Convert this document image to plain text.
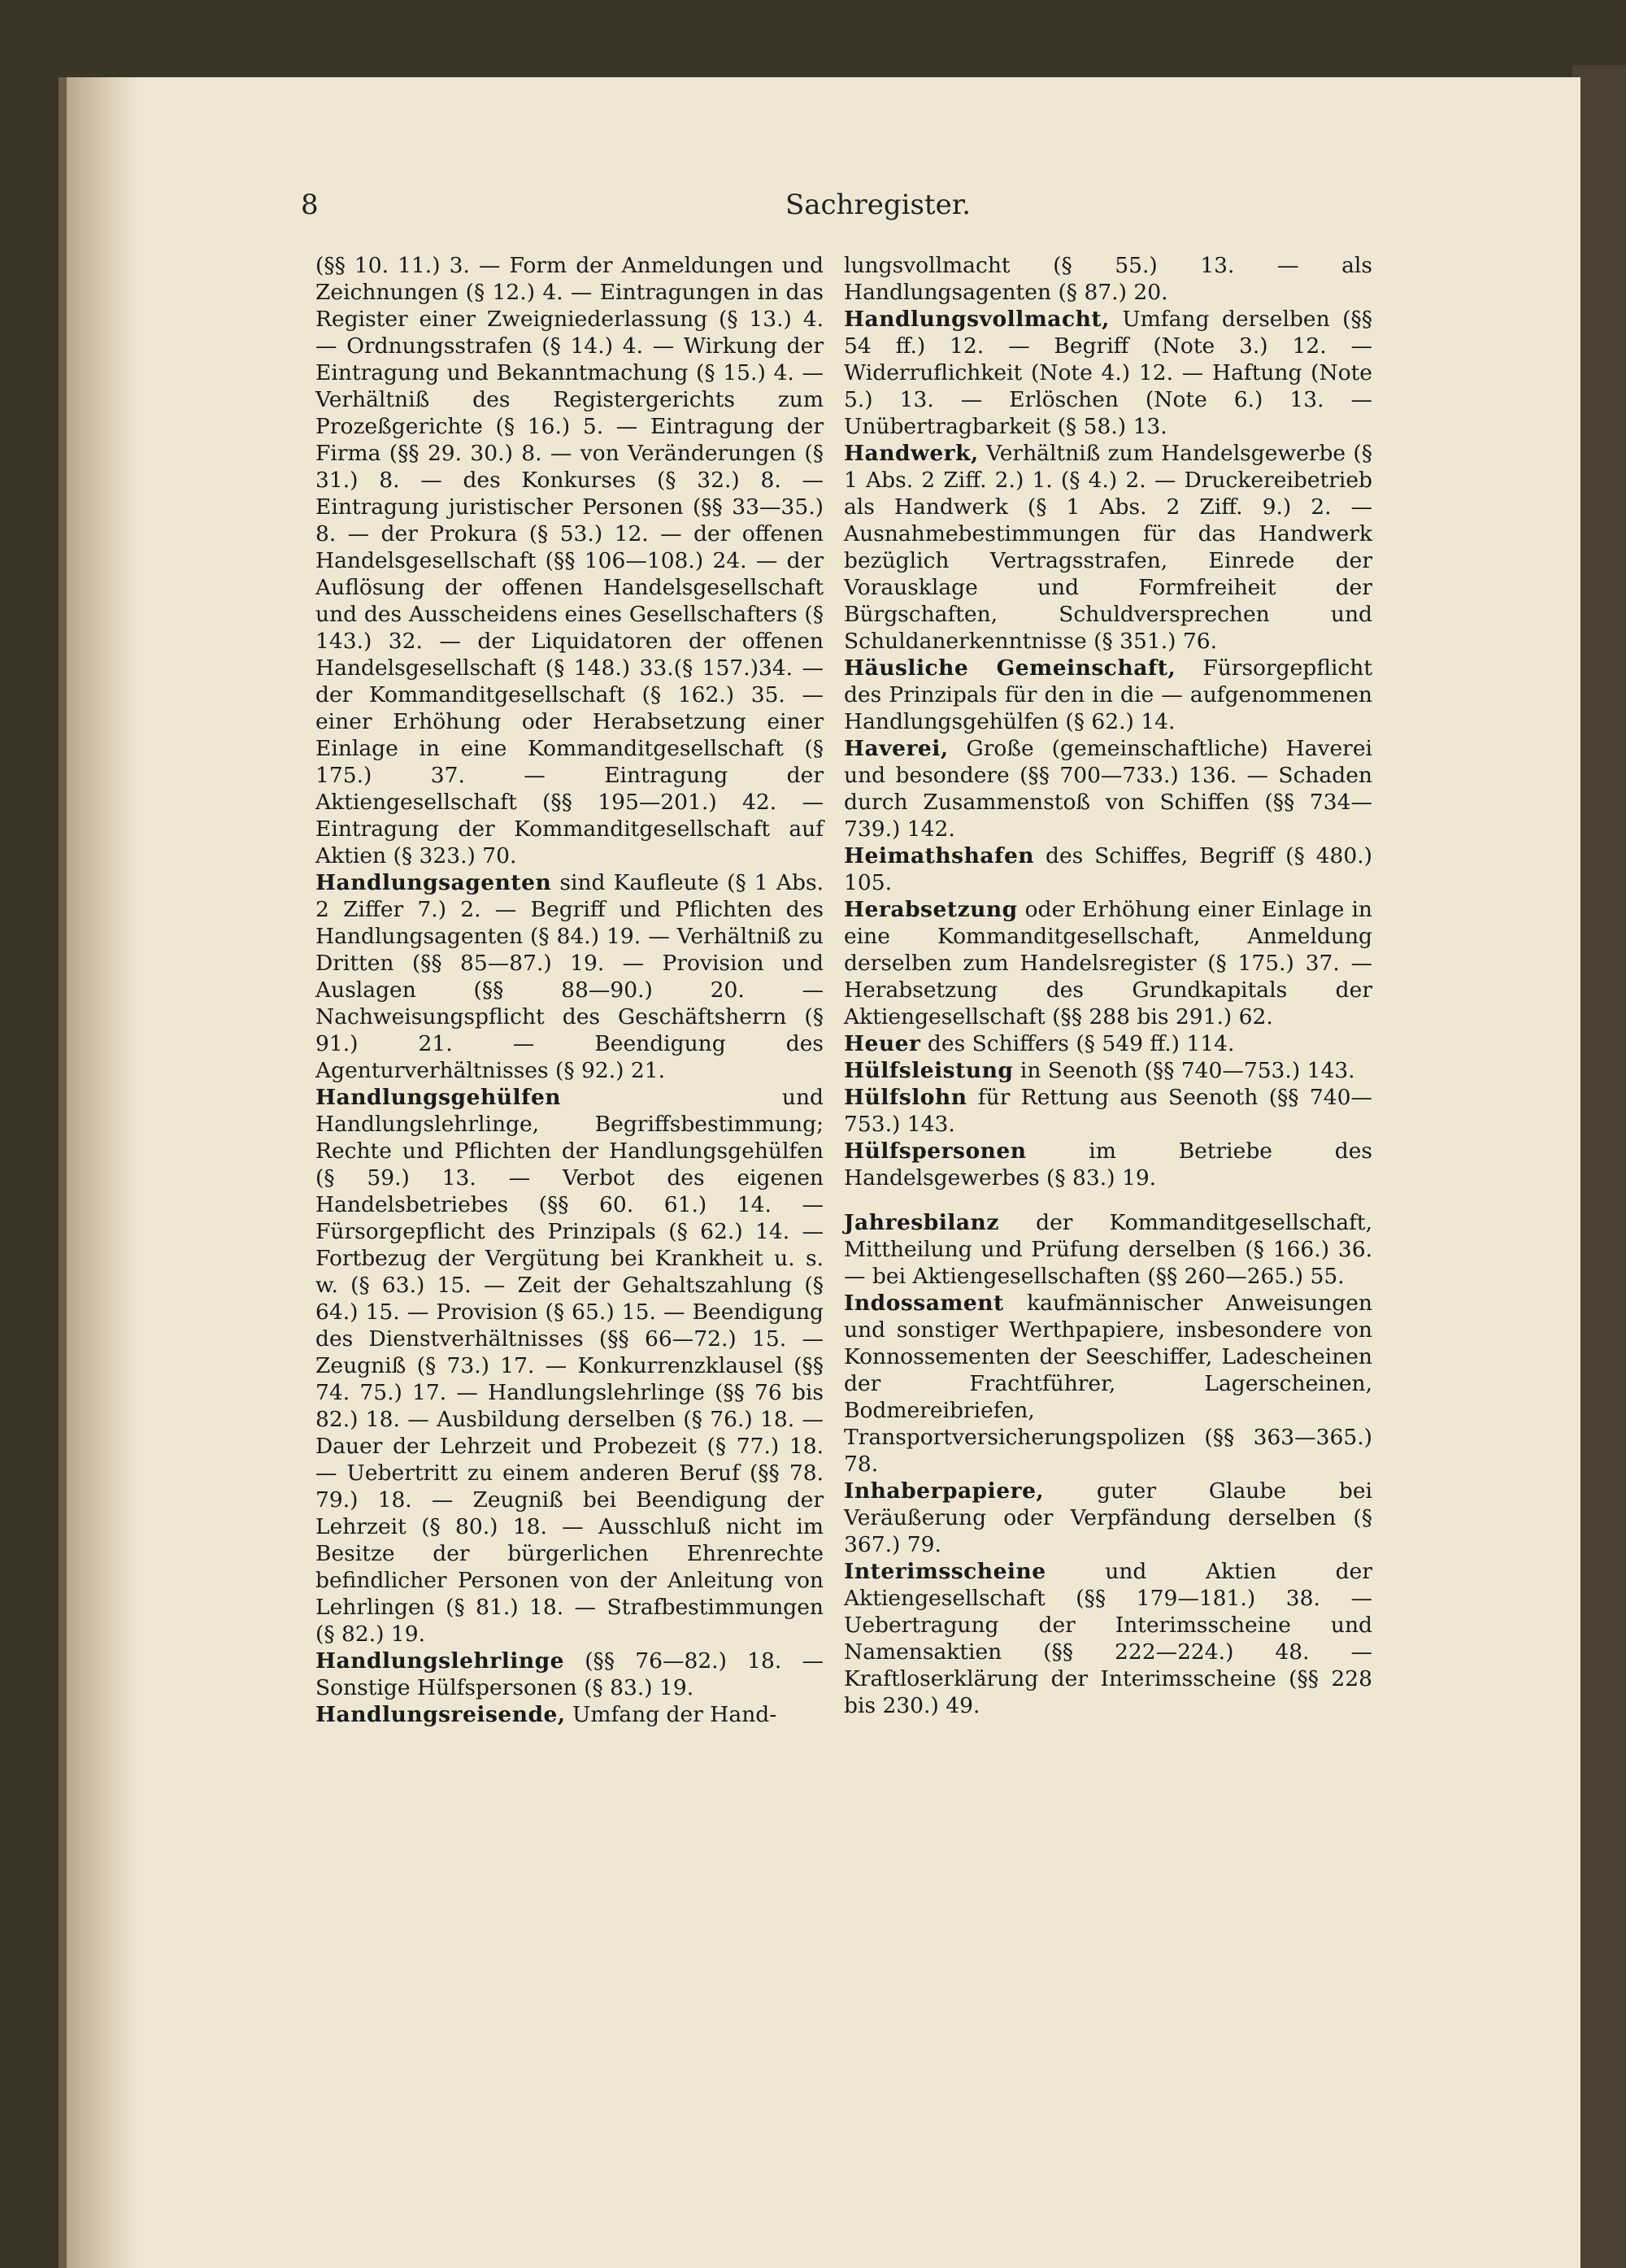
8	Sachregister.

(§§ 10. 11.) 3. — Form der Anmeldungen und Zeichnungen (§ 12.) 4. — Eintragungen in das Register einer Zweigniederlassung (§ 13.) 4. — Ordnungsstrafen (§ 14.) 4. — Wirkung der Eintragung und Bekanntmachung (§ 15.) 4. — Verhältniß des Registergerichts zum Prozeßgerichte (§ 16.) 5. — Eintragung der Firma (§§ 29. 30.) 8. — von Veränderungen (§ 31.) 8. — des Konkurses (§ 32.) 8. — Eintragung juristischer Personen (§§ 33—35.) 8. — der Prokura (§ 53.) 12. — der offenen Handelsgesellschaft (§§ 106—108.) 24. — der Auflösung der offenen Handelsgesellschaft und des Ausscheidens eines Gesellschafters (§ 143.) 32. — der Liquidatoren der offenen Handelsgesellschaft (§ 148.) 33.(§ 157.)34. — der Kommanditgesellschaft (§ 162.) 35. — einer Erhöhung oder Herabsetzung einer Einlage in eine Kommanditgesellschaft (§ 175.) 37. — Eintragung der Aktiengesellschaft (§§ 195—201.) 42. — Eintragung der Kommanditgesellschaft auf Aktien (§ 323.) 70.

Handlungsagenten sind Kaufleute (§ 1 Abs. 2 Ziffer 7.) 2. — Begriff und Pflichten des Handlungsagenten (§ 84.) 19. — Verhältniß zu Dritten (§§ 85—87.) 19. — Provision und Auslagen (§§ 88—90.) 20. — Nachweisungspflicht des Geschäftsherrn (§ 91.) 21. — Beendigung des Agenturverhältnisses (§ 92.) 21.

Handlungsgehülfen und Handlungslehrlinge, Begriffsbestimmung; Rechte und Pflichten der Handlungsgehülfen (§ 59.) 13. — Verbot des eigenen Handelsbetriebes (§§ 60. 61.) 14. — Fürsorgepflicht des Prinzipals (§ 62.) 14. — Fortbezug der Vergütung bei Krankheit u. s. w. (§ 63.) 15. — Zeit der Gehaltszahlung (§ 64.) 15. — Provision (§ 65.) 15. — Beendigung des Dienstverhältnisses (§§ 66—72.) 15. — Zeugniß (§ 73.) 17. — Konkurrenzklausel (§§ 74. 75.) 17. — Handlungslehrlinge (§§ 76 bis 82.) 18. — Ausbildung derselben (§ 76.) 18. — Dauer der Lehrzeit und Probezeit (§ 77.) 18. — Uebertritt zu einem anderen Beruf (§§ 78. 79.) 18. — Zeugniß bei Beendigung der Lehrzeit (§ 80.) 18. — Ausschluß nicht im Besitze der bürgerlichen Ehrenrechte befindlicher Personen von der Anleitung von Lehrlingen (§ 81.) 18. — Strafbestimmungen (§ 82.) 19.

Handlungslehrlinge (§§ 76—82.) 18. — Sonstige Hülfspersonen (§ 83.) 19.

Handlungsreisende, Umfang der Hand-

lungsvollmacht (§ 55.) 13. — als Handlungsagenten (§ 87.) 20.

Handlungsvollmacht, Umfang derselben (§§ 54 ff.) 12. — Begriff (Note 3.) 12. — Widerruflichkeit (Note 4.) 12. — Haftung (Note 5.) 13. — Erlöschen (Note 6.) 13. — Unübertragbarkeit (§ 58.) 13.

Handwerk, Verhältniß zum Handelsgewerbe (§ 1 Abs. 2 Ziff. 2.) 1. (§ 4.) 2. — Druckereibetrieb als Handwerk (§ 1 Abs. 2 Ziff. 9.) 2. — Ausnahmebestimmungen für das Handwerk bezüglich Vertragsstrafen, Einrede der Vorausklage und Formfreiheit der Bürgschaften, Schuldversprechen und Schuldanerkenntnisse (§ 351.) 76.

Häusliche Gemeinschaft, Fürsorgepflicht des Prinzipals für den in die — aufgenommenen Handlungsgehülfen (§ 62.) 14.

Haverei, Große (gemeinschaftliche) Haverei und besondere (§§ 700—733.) 136. — Schaden durch Zusammenstoß von Schiffen (§§ 734—739.) 142.

Heimathshafen des Schiffes, Begriff (§ 480.) 105.

Herabsetzung oder Erhöhung einer Einlage in eine Kommanditgesellschaft, Anmeldung derselben zum Handelsregister (§ 175.) 37. — Herabsetzung des Grundkapitals der Aktiengesellschaft (§§ 288 bis 291.) 62.

Heuer des Schiffers (§ 549 ff.) 114.

Hülfsleistung in Seenoth (§§ 740—753.) 143.

Hülfslohn für Rettung aus Seenoth (§§ 740—753.) 143.

Hülfspersonen im Betriebe des Handelsgewerbes (§ 83.) 19.

Jahresbilanz der Kommanditgesellschaft, Mittheilung und Prüfung derselben (§ 166.) 36. — bei Aktiengesellschaften (§§ 260—265.) 55.

Indossament kaufmännischer Anweisungen und sonstiger Werthpapiere, insbesondere von Konnossementen der Seeschiffer, Ladescheinen der Frachtführer, Lagerscheinen, Bodmereibriefen, Transportversicherungspolizen (§§ 363—365.) 78.

Inhaberpapiere, guter Glaube bei Veräußerung oder Verpfändung derselben (§ 367.) 79.

Interimsscheine und Aktien der Aktiengesellschaft (§§ 179—181.) 38. — Uebertragung der Interimsscheine und Namensaktien (§§ 222—224.) 48. — Kraftloserklärung der Interimsscheine (§§ 228 bis 230.) 49.
